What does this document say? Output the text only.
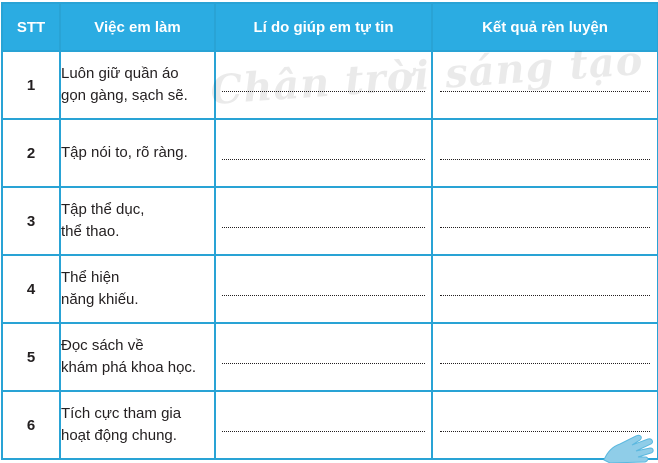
STT	Việc em làm	Lí do giúp em tự tin	Kết quả rèn luyện
1	Luôn giữ quần áo
gọn gàng, sạch sẽ.		

2	Tập nói to, rõ ràng.		

3	Tập thể dục,
thể thao.		

4	Thể hiện
năng khiếu.		

5	Đọc sách về
khám phá khoa học.		

6	Tích cực tham gia
hoạt động chung.		

Chân trời sáng tạo
